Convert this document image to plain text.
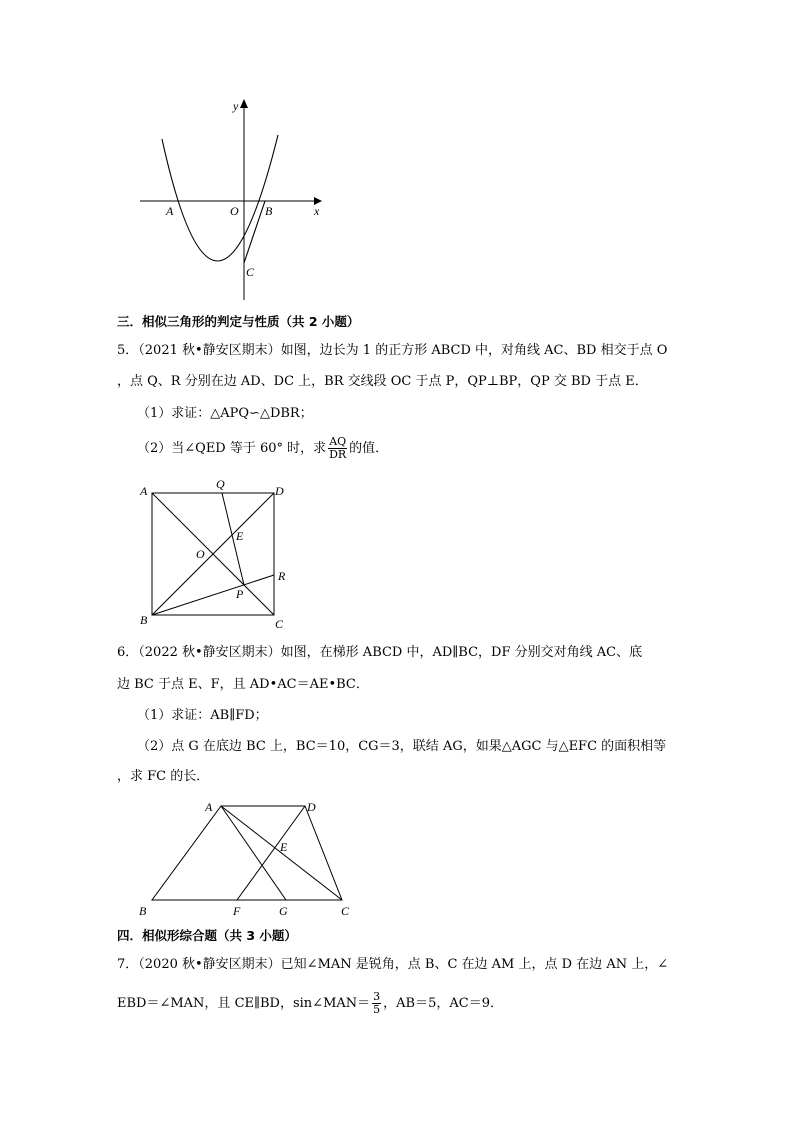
y
x
A	O B
C
三．相似三角形的判定与性质（共 2 小题）
5．（2021 秋•静安区期末）如图，边长为 1 的正方形 ABCD 中，对角线 AC、BD 相交于点 O
，点 Q、R 分别在边 AD、DC 上，BR 交线段 OC 于点 P，QP⊥BP，QP 交 BD 于点 E．
（1）求证：△APQ∽△DBR；
（2）当∠QED 等于 60° 时，求 $\frac{AQ}{DR}$ 的值．
A	Q	D
E
O
R
P
B	C
6．（2022 秋•静安区期末）如图，在梯形 ABCD 中，AD∥BC，DF 分别交对角线 AC、底
边 BC 于点 E、F，且 AD•AC＝AE•BC．
（1）求证：AB∥FD；
（2）点 G 在底边 BC 上，BC＝10，CG＝3，联结 AG，如果△AGC 与△EFC 的面积相等
，求 FC 的长．
A	D
E
B	F	G	C
四．相似形综合题（共 3 小题）
7．（2020 秋•静安区期末）已知∠MAN 是锐角，点 B、C 在边 AM 上，点 D 在边 AN 上，∠
EBD＝∠MAN，且 CE∥BD，sin∠MAN＝ $\frac{3}{5}$ ，AB＝5，AC＝9．
